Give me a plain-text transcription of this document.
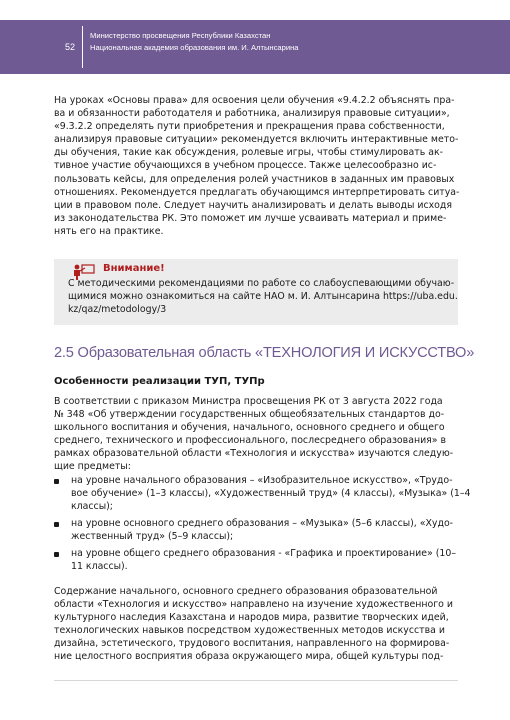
52
Министерство просвещения Республики Казахстан
Национальная академия образования им. И. Алтынсарина
На уроках «Основы права» для освоения цели обучения «9.4.2.2 объяснять пра-
ва и обязанности работодателя и работника, анализируя правовые ситуации»,
«9.3.2.2 определять пути приобретения и прекращения права собственности,
анализируя правовые ситуации» рекомендуется включить интерактивные мето-
ды обучения, такие как обсуждения, ролевые игры, чтобы стимулировать ак-
тивное участие обучающихся в учебном процессе. Также целесообразно ис-
пользовать кейсы, для определения ролей участников в заданных им правовых
отношениях. Рекомендуется предлагать обучающимся интерпретировать ситуа-
ции в правовом поле. Следует научить анализировать и делать выводы исходя
из законодательства РК. Это поможет им лучше усваивать материал и приме-
нять его на практике.
Внимание!
С методическими рекомендациями по работе со слабоуспевающими обучаю-
щимися можно ознакомиться на сайте НАО м. И. Алтынсарина https://uba.edu.
kz/qaz/metodology/3
2.5 Образовательная область «ТЕХНОЛОГИЯ И ИСКУССТВО»
Особенности реализации ТУП, ТУПр
В соответствии с приказом Министра просвещения РК от 3 августа 2022 года
№ 348 «Об утверждении государственных общеобязательных стандартов до-
школьного воспитания и обучения, начального, основного среднего и общего
среднего, технического и профессионального, послесреднего образования» в
рамках образовательной области «Технология и искусства» изучаются следую-
щие предметы:
на уровне начального образования – «Изобразительное искусство», «Трудо-
вое обучение» (1–3 классы), «Художественный труд» (4 классы), «Музыка» (1–4
классы);
на уровне основного среднего образования – «Музыка» (5–6 классы), «Худо-
жественный труд» (5–9 классы);
на уровне общего среднего образования - «Графика и проектирование» (10–
11 классы).
Содержание начального, основного среднего образования образовательной
области «Технология и искусство» направлено на изучение художественного и
культурного наследия Казахстана и народов мира, развитие творческих идей,
технологических навыков посредством художественных методов искусства и
дизайна, эстетического, трудового воспитания, направленного на формирова-
ние целостного восприятия образа окружающего мира, общей культуры под-
